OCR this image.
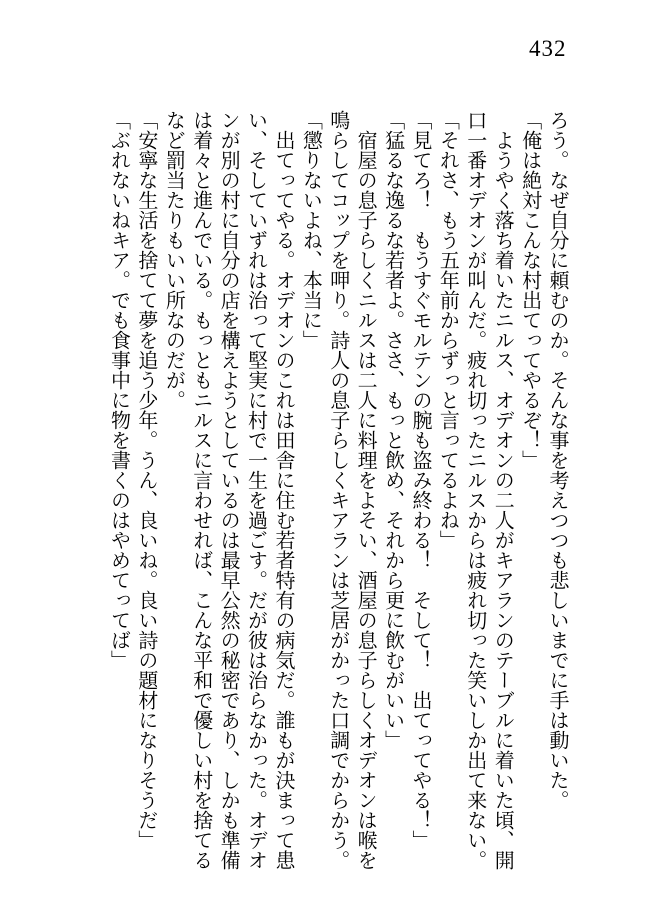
432

ろう。なぜ自分に頼むのか。そんな事を考えつつも悲しいまでに手は動いた。

「俺は絶対こんな村出てってやるぞ！」

ようやく落ち着いたニルス、オデオンの二人がキアランのテーブルに着いた頃、開口一番オデオンが叫んだ。疲れ切ったニルスからは疲れ切った笑いしか出て来ない。

「それさ、もう五年前からずっと言ってるよね」

「見てろ！　もうすぐモルテンの腕も盗み終わる！　そして！　出てってやる！」

「猛るな逸るな若者よ。ささ、もっと飲め、それから更に飲むがいい」

宿屋の息子らしくニルスは二人に料理をよそい、酒屋の息子らしくオデオンは喉を鳴らしてコップを呷り。詩人の息子らしくキアランは芝居がかった口調でからかう。

「懲りないよね、本当に」

出てってやる。オデオンのこれは田舎に住む若者特有の病気だ。誰もが決まって患い、そしていずれは治って堅実に村で一生を過ごす。だが彼は治らなかった。オデオンが別の村に自分の店を構えようとしているのは最早公然の秘密であり、しかも準備は着々と進んでいる。もっともニルスに言わせれば、こんな平和で優しい村を捨てるなど罰当たりもいい所なのだが。

「安寧な生活を捨てて夢を追う少年。うん、良いね。良い詩の題材になりそうだ」

「ぶれないねキア。でも食事中に物を書くのはやめてってば」
